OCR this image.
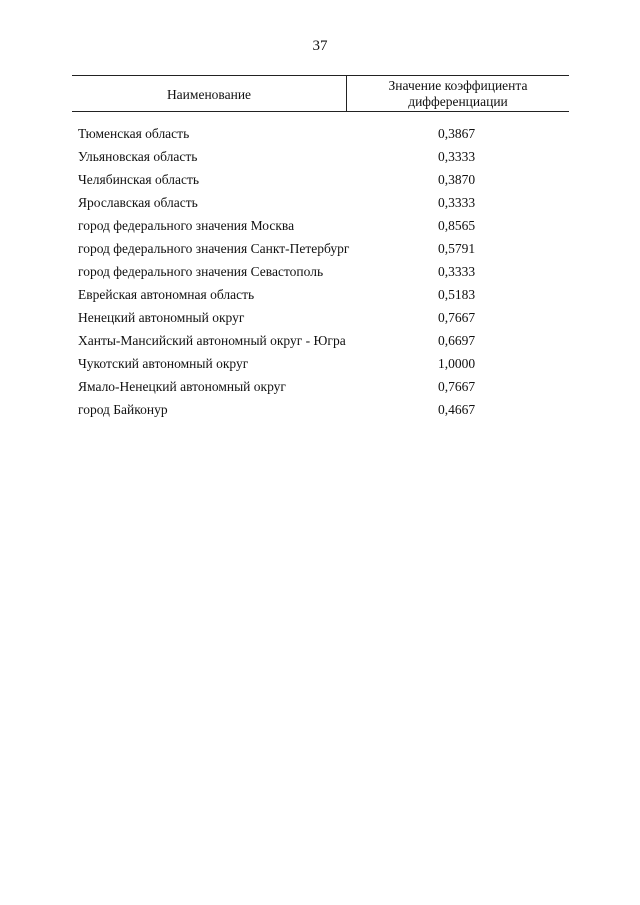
37
Наименование
Значение коэффициента дифференциации
Тюменская область	0,3867
Ульяновская область	0,3333
Челябинская область	0,3870
Ярославская область	0,3333
город федерального значения Москва	0,8565
город федерального значения Санкт-Петербург	0,5791
город федерального значения Севастополь	0,3333
Еврейская автономная область	0,5183
Ненецкий автономный округ	0,7667
Ханты-Мансийский автономный округ - Югра	0,6697
Чукотский автономный округ	1,0000
Ямало-Ненецкий автономный округ	0,7667
город Байконур	0,4667
